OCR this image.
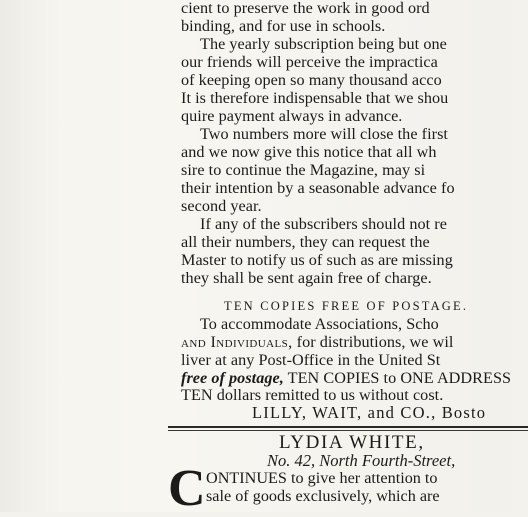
cient to preserve the work in good ord
binding, and for use in schools.
The yearly subscription being but one
our friends will perceive the impractica
of keeping open so many thousand acco
It is therefore indispensable that we shou
quire payment always in advance.
Two numbers more will close the first
and we now give this notice that all wh
sire to continue the Magazine, may si
their intention by a seasonable advance fo
second year.
If any of the subscribers should not re
all their numbers, they can request the
Master to notify us of such as are missing
they shall be sent again free of charge.
TEN COPIES FREE OF POSTAGE.
To accommodate Associations, Scho
and Individuals, for distributions, we wil
liver at any Post-Office in the United St
free of postage, TEN COPIES to ONE ADDRESS
TEN dollars remitted to us without cost.
LILLY, WAIT, and CO., Bosto
LYDIA WHITE,
No. 42, North Fourth-Street,
C ONTINUES to give her attention to
sale of goods exclusively, which are
